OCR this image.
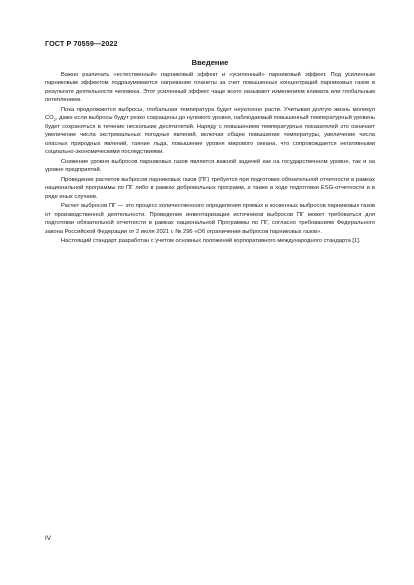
ГОСТ Р 70559—2022
Введение

Важно различать «естественный» парниковый эффект и «усиленный» парниковый эффект. Под усиленным парниковым эффектом подразумевается нагревание планеты за счет повышенных концентраций парниковых газов в результате деятельности человека. Этот усиленный эффект чаще всего называют изменением климата или глобальным потеплением.

Пока продолжаются выбросы, глобальная температура будет неуклонно расти. Учитывая долгую жизнь молекул $CO_2$, даже если выбросы будут резко сокращены до нулевого уровня, наблюдаемый повышенный температурный уровень будет сохраняться в течение нескольких десятилетий. Наряду с повышением температурных показателей это означает увеличение числа экстремальных погодных явлений, включая общее повышение температуры, увеличение числа опасных природных явлений, таяние льда, повышение уровня мирового океана, что сопровождается негативными социально-экономическими последствиями.

Снижение уровня выбросов парниковых газов является важной задачей как на государственном уровне, так и на уровне предприятий.

Проведение расчетов выбросов парниковых газов (ПГ) требуется при подготовке обязательной отчетности в рамках национальной программы по ПГ либо в рамках добровольных программ, а также в ходе подготовки ESG-отчетности и в ряде иных случаев.

Расчет выбросов ПГ — это процесс количественного определения прямых и косвенных выбросов парниковых газов от производственной деятельности. Проведение инвентаризации источников выбросов ПГ может требоваться для подготовки обязательной отчетности в рамках национальной Программы по ПГ, согласно требованиям Федерального закона Российской Федерации от 2 июля 2021 г. № 296 «Об ограничении выбросов парниковых газов».

Настоящий стандарт разработан с учетом основных положений корпоративного международного стандарта [1].

IV
